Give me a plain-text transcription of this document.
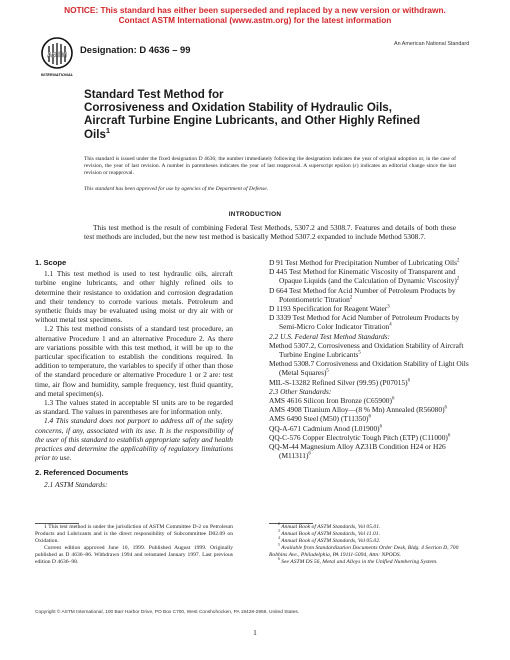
NOTICE: This standard has either been superseded and replaced by a new version or withdrawn.
Contact ASTM International (www.astm.org) for the latest information
ASTM
INTERNATIONAL
Designation: D 4636 – 99	An American National Standard
Standard Test Method for
Corrosiveness and Oxidation Stability of Hydraulic Oils, Aircraft Turbine Engine Lubricants, and Other Highly Refined Oils$^1$
This standard is issued under the fixed designation D 4636; the number immediately following the designation indicates the year of original adoption or, in the case of revision, the year of last revision. A number in parentheses indicates the year of last reapproval. A superscript epsilon (ε) indicates an editorial change since the last revision or reapproval.
This standard has been approved for use by agencies of the Department of Defense.
INTRODUCTION
This test method is the result of combining Federal Test Methods, 5307.2 and 5308.7. Features and details of both these test methods are included, but the new test method is basically Method 5307.2 expanded to include Method 5308.7.

1. Scope

1.1 This test method is used to test hydraulic oils, aircraft turbine engine lubricants, and other highly refined oils to determine their resistance to oxidation and corrosion degradation and their tendency to corrode various metals. Petroleum and synthetic fluids may be evaluated using moist or dry air with or without metal test specimens.

1.2 This test method consists of a standard test procedure, an alternative Procedure 1 and an alternative Procedure 2. As there are variations possible with this test method, it will be up to the particular specification to establish the conditions required. In addition to temperature, the variables to specify if other than those of the standard procedure or alternative Procedure 1 or 2 are: test time, air flow and humidity, sample frequency, test fluid quantity, and metal specimen(s).

1.3 The values stated in acceptable SI units are to be regarded as standard. The values in parentheses are for information only.

1.4 This standard does not purport to address all of the safety concerns, if any, associated with its use. It is the responsibility of the user of this standard to establish appropriate safety and health practices and determine the applicability of regulatory limitations prior to use.

2. Referenced Documents

2.1 ASTM Standards:

D 91 Test Method for Precipitation Number of Lubricating Oils$^2$

D 445 Test Method for Kinematic Viscosity of Transparent and Opaque Liquids (and the Calculation of Dynamic Viscosity)$^2$

D 664 Test Method for Acid Number of Petroleum Products by Potentiometric Titration$^2$

D 1193 Specification for Reagent Water$^3$

D 3339 Test Method for Acid Number of Petroleum Products by Semi-Micro Color Indicator Titration$^4$

2.2 U.S. Federal Test Method Standards:

Method 5307.2, Corrosiveness and Oxidation Stability of Aircraft Turbine Engine Lubricants$^5$

Method 5308.7 Corrosiveness and Oxidation Stability of Light Oils (Metal Squares)$^5$

MIL-S-13282 Refined Silver (99.95) $(P07015)^6$

2.3 Other Standards:

AMS 4616 Silicon Iron Bronze $(C65900)^6$

AMS 4908 Titanium Alloy—(8 % Mn) Annealed $(R56080)^6$

AMS 6490 Steel (M50) $(T11350)^6$

QQ-A-671 Cadmium Anod $(L01900)^6$

QQ-C-576 Copper Electrolytic Tough Pitch (ETP) $(C11000)^6$

QQ-M-44 Magnesium Alloy AZ31B Condition H24 or H26 $(M11311)^6$

1 This test method is under the jurisdiction of ASTM Committee D-2 on Petroleum Products and Lubricants and is the direct responsibility of Subcommittee D02.09 on Oxidation.

Current edition approved June 10, 1999. Published August 1999. Originally published as D 4636–86. Withdrawn 1994 and reinstated January 1997. Last previous edition D 4636–98.

$^2$ Annual Book of ASTM Standards, Vol 05.01.

$^3$ Annual Book of ASTM Standards, Vol 11.01.

$^4$ Annual Book of ASTM Standards, Vol 05.02.

$^5$ Available from Standardization Documents Order Desk, Bldg. 4 Section D, 700 Robbins Ave., Philadelphia, PA 19111-5094, Attn: NPODS.

$^6$ See ASTM DS 56, Metal and Alloys in the Unified Numbering System.

Copyright © ASTM International, 100 Barr Harbor Drive, PO Box C700, West Conshohocken, PA 19428-2959, United States.
1
